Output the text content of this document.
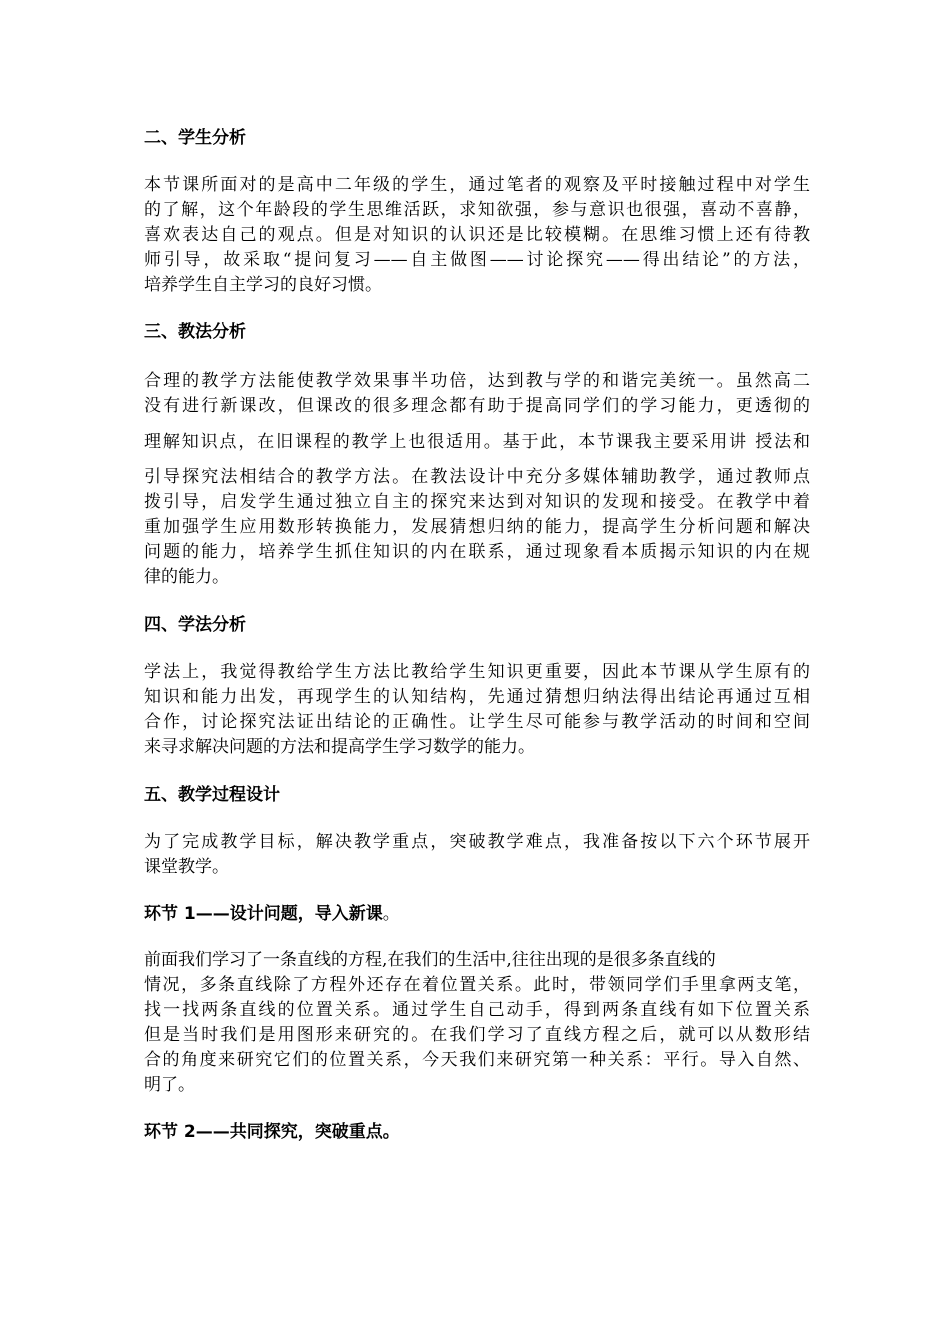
二、学生分析
本节课所面对的是高中二年级的学生，通过笔者的观察及平时接触过程中对学生
的了解，这个年龄段的学生思维活跃，求知欲强，参与意识也很强，喜动不喜静，
喜欢表达自己的观点。但是对知识的认识还是比较模糊。在思维习惯上还有待教
师引导，故采取“提问复习——自主做图——讨论探究——得出结论”的方法，
培养学生自主学习的良好习惯。
三、教法分析
合理的教学方法能使教学效果事半功倍，达到教与学的和谐完美统一。虽然高二
没有进行新课改，但课改的很多理念都有助于提高同学们的学习能力，更透彻的
理解知识点，在旧课程的教学上也很适用。基于此，本节课我主要采用讲 授法和
引导探究法相结合的教学方法。在教法设计中充分多媒体辅助教学，通过教师点
拨引导，启发学生通过独立自主的探究来达到对知识的发现和接受。在教学中着
重加强学生应用数形转换能力，发展猜想归纳的能力，提高学生分析问题和解决
问题的能力，培养学生抓住知识的内在联系，通过现象看本质揭示知识的内在规
律的能力。
四、学法分析
学法上，我觉得教给学生方法比教给学生知识更重要，因此本节课从学生原有的
知识和能力出发，再现学生的认知结构，先通过猜想归纳法得出结论再通过互相
合作，讨论探究法证出结论的正确性。让学生尽可能参与教学活动的时间和空间
来寻求解决问题的方法和提高学生学习数学的能力。
五、教学过程设计
为了完成教学目标，解决教学重点，突破教学难点，我准备按以下六个环节展开
课堂教学。
环节 1——设计问题，导入新课。
前面我们学习了一条直线的方程,在我们的生活中,往往出现的是很多条直线的
情况，多条直线除了方程外还存在着位置关系。此时，带领同学们手里拿两支笔，
找一找两条直线的位置关系。通过学生自己动手，得到两条直线有如下位置关系
但是当时我们是用图形来研究的。在我们学习了直线方程之后，就可以从数形结
合的角度来研究它们的位置关系，今天我们来研究第一种关系：平行。导入自然、
明了。
环节 2——共同探究，突破重点。
